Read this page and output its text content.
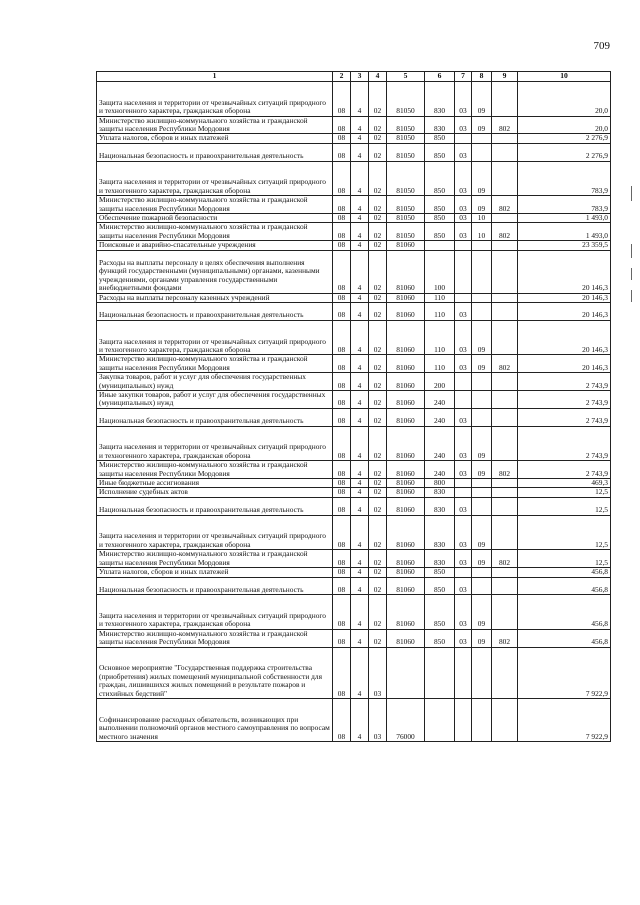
709
1	2	3	4	5	6	7	8	9	10
Защита населения и территории от чрезвычайных ситуаций природного и техногенного характера, гражданская оборона	08	4	02	81050	830	03	09		20,0
Министерство жилищно-коммунального хозяйства и гражданской защиты населения Республики Мордовия	08	4	02	81050	830	03	09	802	20,0
Уплата налогов, сборов и иных платежей	08	4	02	81050	850				2 276,9
Национальная безопасность и правоохранительная деятельность	08	4	02	81050	850	03			2 276,9
Защита населения и территории от чрезвычайных ситуаций природного и техногенного характера, гражданская оборона	08	4	02	81050	850	03	09		783,9
Министерство жилищно-коммунального хозяйства и гражданской защиты населения Республики Мордовия	08	4	02	81050	850	03	09	802	783,9
Обеспечение пожарной безопасности	08	4	02	81050	850	03	10		1 493,0
Министерство жилищно-коммунального хозяйства и гражданской защиты населения Республики Мордовия	08	4	02	81050	850	03	10	802	1 493,0
Поисковые и аварийно-спасательные учреждения	08	4	02	81060					23 359,5
Расходы на выплаты персоналу в целях обеспечения выполнения функций государственными (муниципальными) органами, казенными учреждениями, органами управления государственными внебюджетными фондами	08	4	02	81060	100				20 146,3
Расходы на выплаты персоналу казенных учреждений	08	4	02	81060	110				20 146,3
Национальная безопасность и правоохранительная деятельность	08	4	02	81060	110	03			20 146,3
Защита населения и территории от чрезвычайных ситуаций природного и техногенного характера, гражданская оборона	08	4	02	81060	110	03	09		20 146,3
Министерство жилищно-коммунального хозяйства и гражданской защиты населения Республики Мордовия	08	4	02	81060	110	03	09	802	20 146,3
Закупка товаров, работ и услуг для обеспечения государственных (муниципальных) нужд	08	4	02	81060	200				2 743,9
Иные закупки товаров, работ и услуг для обеспечения государственных (муниципальных) нужд	08	4	02	81060	240				2 743,9
Национальная безопасность и правоохранительная деятельность	08	4	02	81060	240	03			2 743,9
Защита населения и территории от чрезвычайных ситуаций природного и техногенного характера, гражданская оборона	08	4	02	81060	240	03	09		2 743,9
Министерство жилищно-коммунального хозяйства и гражданской защиты населения Республики Мордовия	08	4	02	81060	240	03	09	802	2 743,9
Иные бюджетные ассигнования	08	4	02	81060	800				469,3
Исполнение судебных актов	08	4	02	81060	830				12,5
Национальная безопасность и правоохранительная деятельность	08	4	02	81060	830	03			12,5
Защита населения и территории от чрезвычайных ситуаций природного и техногенного характера, гражданская оборона	08	4	02	81060	830	03	09		12,5
Министерство жилищно-коммунального хозяйства и гражданской защиты населения Республики Мордовия	08	4	02	81060	830	03	09	802	12,5
Уплата налогов, сборов и иных платежей	08	4	02	81060	850				456,8
Национальная безопасность и правоохранительная деятельность	08	4	02	81060	850	03			456,8
Защита населения и территории от чрезвычайных ситуаций природного и техногенного характера, гражданская оборона	08	4	02	81060	850	03	09		456,8
Министерство жилищно-коммунального хозяйства и гражданской защиты населения Республики Мордовия	08	4	02	81060	850	03	09	802	456,8
Основное мероприятие "Государственная поддержка строительства (приобретения) жилых помещений муниципальной собственности для граждан, лишившихся жилых помещений в результате пожаров и стихийных бедствий"	08	4	03						7 922,9
Софинансирование расходных обязательств, возникающих при выполнении полномочий органов местного самоуправления по вопросам местного значения	08	4	03	76000					7 922,9
